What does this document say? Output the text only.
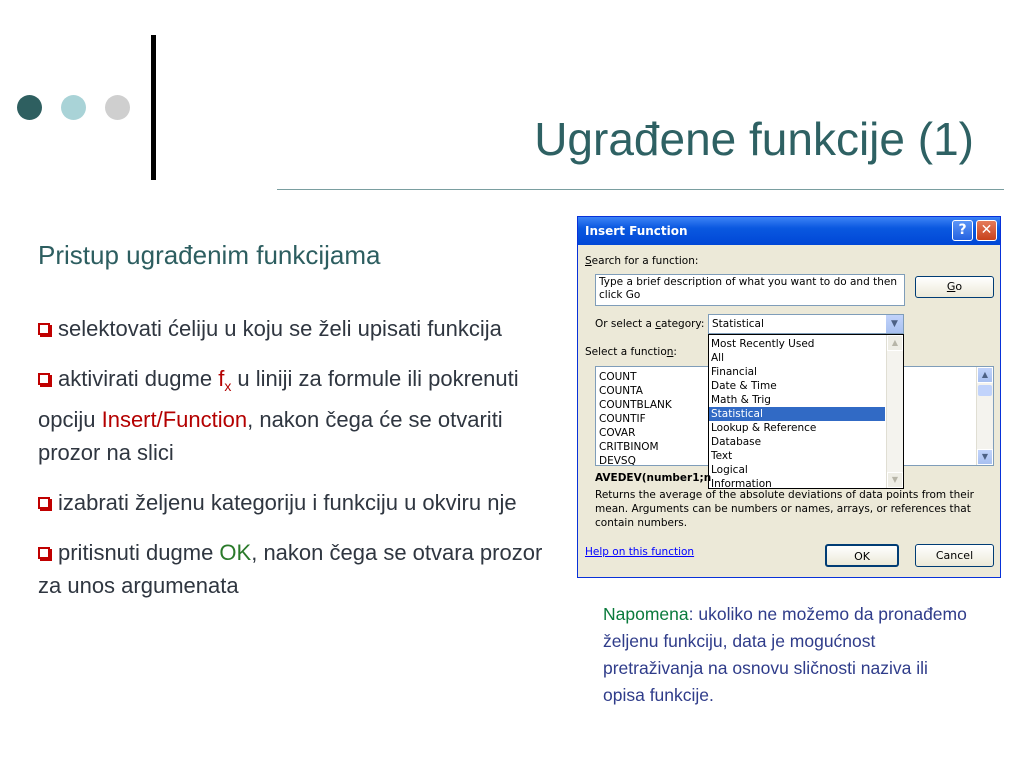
Ugrađene funkcije (1)
Pristup ugrađenim funkcijama
selektovati ćeliju u koju se želi upisati funkcija
aktivirati dugme $f_x$ u liniji za formule ili pokrenuti opciju Insert/Function, nakon čega će se otvariti prozor na slici
izabrati željenu kategoriju i funkciju u okviru nje
pritisnuti dugme OK, nakon čega se otvara prozor za unos argumenata
Insert Function	?	✕
Search for a function:
Type a brief description of what you want to do and then click Go
Go
Or select a category: Statistical	▼
Select a function:
COUNT
COUNTA
COUNTBLANK
COUNTIF
COVAR
CRITBINOM
DEVSQ
▲
▼
Most Recently Used
All
Financial
Date & Time
Math & Trig
Statistical
Lookup & Reference
Database
Text
Logical
Information
▲
▼
AVEDEV(number1;n
Returns the average of the absolute deviations of data points from their mean. Arguments can be numbers or names, arrays, or references that contain numbers.
Help on this function	OK	Cancel
Napomena: ukoliko ne možemo da pronađemo željenu funkciju, data je mogućnost pretraživanja na osnovu sličnosti naziva ili opisa funkcije.
